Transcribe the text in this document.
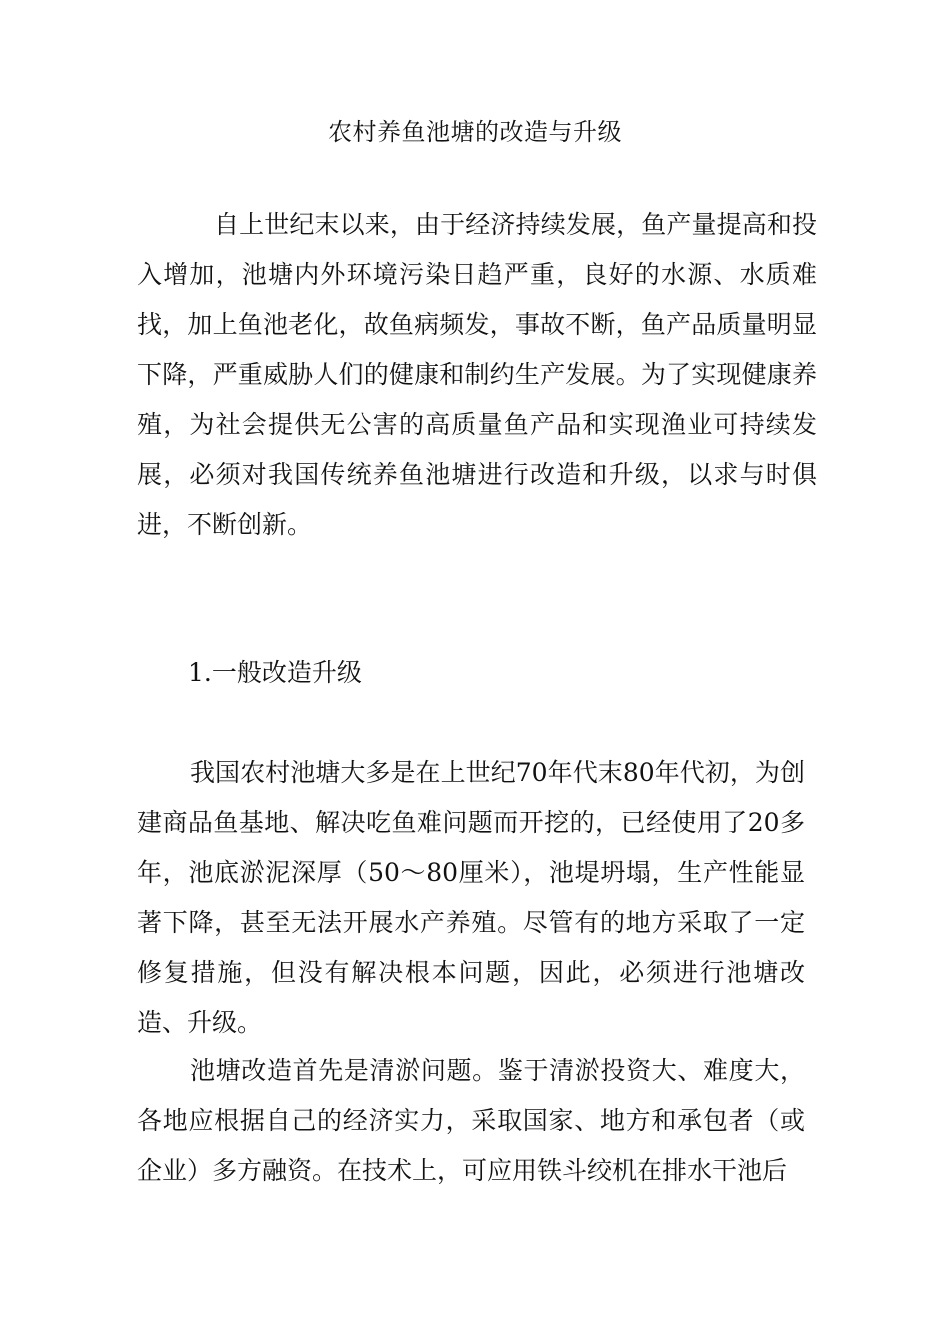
农村养鱼池塘的改造与升级

自上世纪末以来，由于经济持续发展，鱼产量提高和投入增加，池塘内外环境污染日趋严重，良好的水源、水质难找，加上鱼池老化，故鱼病频发，事故不断，鱼产品质量明显下降，严重威胁人们的健康和制约生产发展。为了实现健康养殖，为社会提供无公害的高质量鱼产品和实现渔业可持续发展，必须对我国传统养鱼池塘进行改造和升级，以求与时俱进，不断创新。

1.一般改造升级

我国农村池塘大多是在上世纪70年代末80年代初，为创建商品鱼基地、解决吃鱼难问题而开挖的，已经使用了20多年，池底淤泥深厚（50〜80厘米），池堤坍塌，生产性能显著下降，甚至无法开展水产养殖。尽管有的地方采取了一定修复措施，但没有解决根本问题，因此，必须进行池塘改造、升级。

池塘改造首先是清淤问题。鉴于清淤投资大、难度大，各地应根据自己的经济实力，采取国家、地方和承包者（或企业）多方融资。在技术上，可应用铁斗绞机在排水干池后
